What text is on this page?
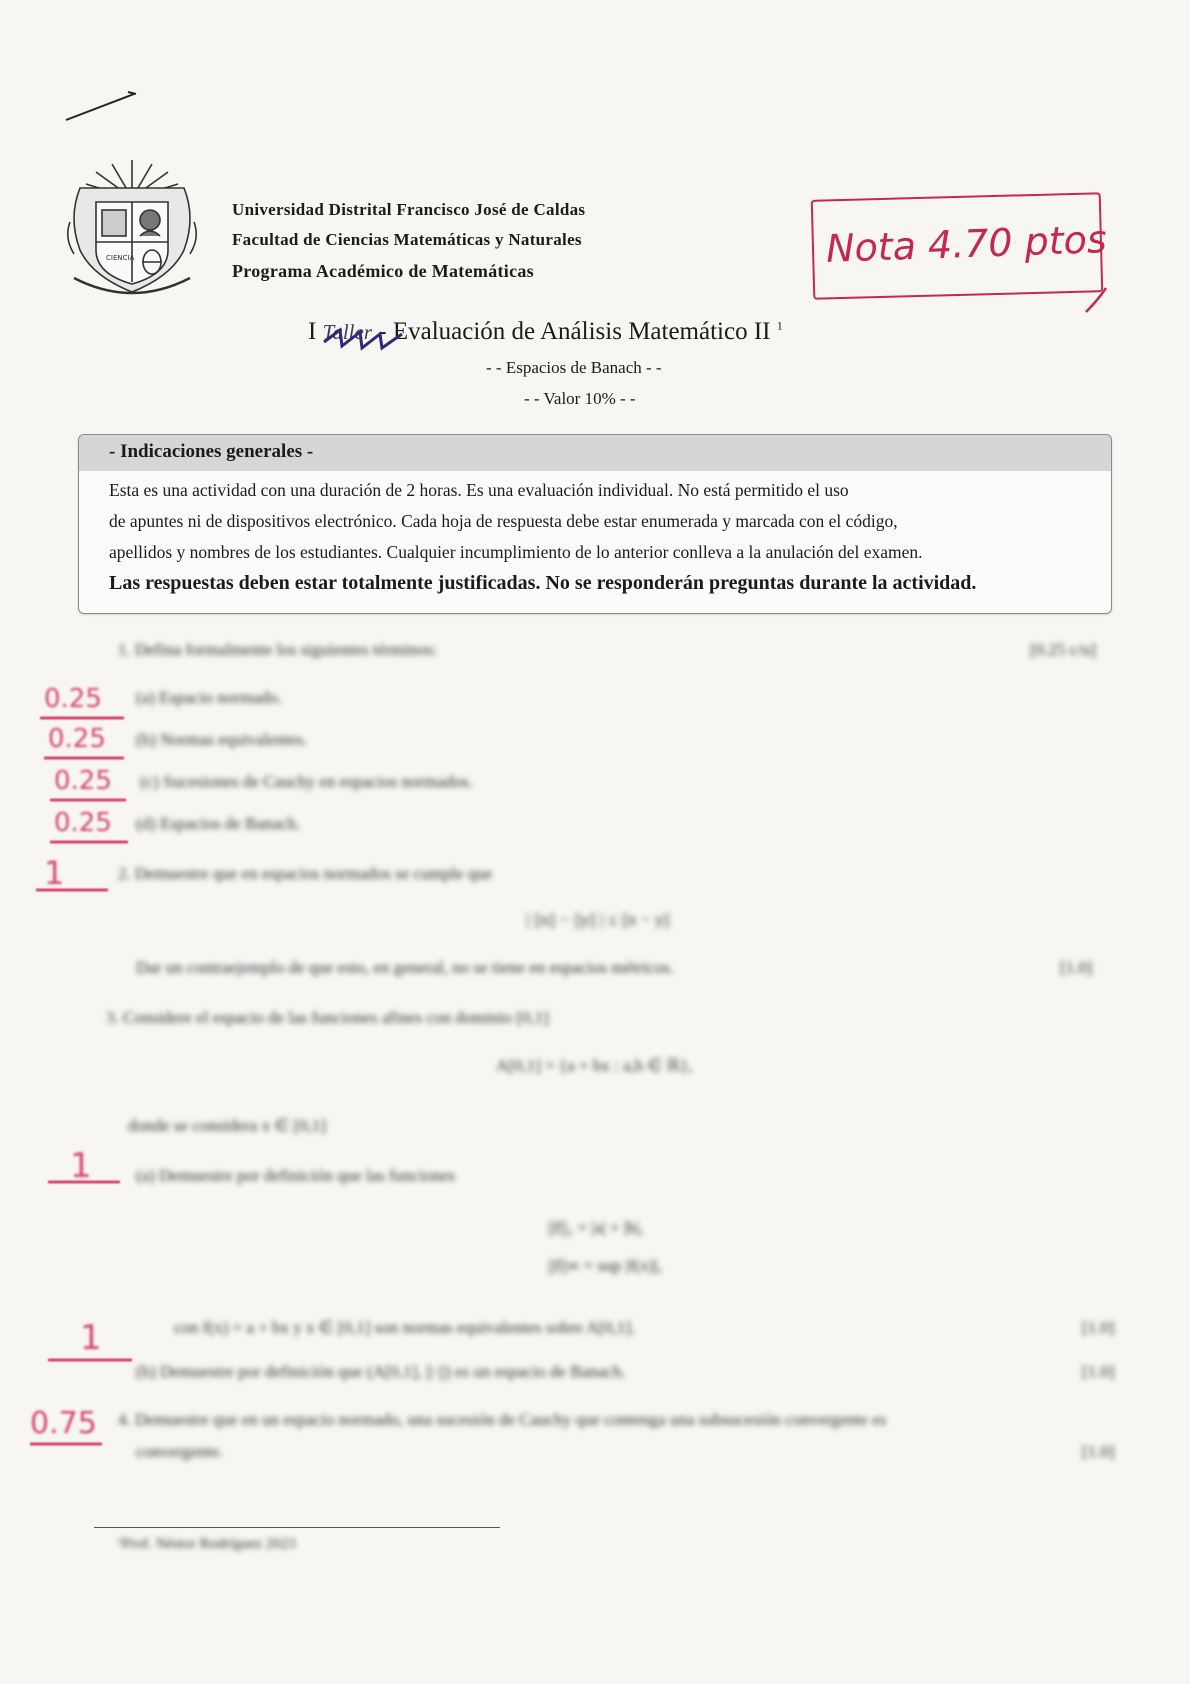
CIENCIA
Universidad Distrital Francisco José de Caldas
Facultad de Ciencias Matemáticas y Naturales
Programa Académico de Matemáticas
Nota 4.70 ptos
I Taller - Evaluación de Análisis Matemático II $^1$
- - Espacios de Banach - -
- - Valor 10% - -
- Indicaciones generales -
Esta es una actividad con una duración de 2 horas. Es una evaluación individual. No está permitido el uso
de apuntes ni de dispositivos electrónico. Cada hoja de respuesta debe estar enumerada y marcada con el código,
apellidos y nombres de los estudiantes. Cualquier incumplimiento de lo anterior conlleva a la anulación del examen.
Las respuestas deben estar totalmente justificadas. No se responderán preguntas durante la actividad.
1. Defina formalmente los siguientes términos:	[0.25 c/u]
(a) Espacio normado.
(b) Normas equivalentes.
(c) Sucesiones de Cauchy en espacios normados.
(d) Espacios de Banach.
2. Demuestre que en espacios normados se cumple que
| ||x|| − ||y|| | ≤ ||x − y||
Dar un contraejemplo de que esto, en general, no se tiene en espacios métricos.	[1.0]
3. Considere el espacio de las funciones afines con dominio [0,1]
A[0,1] = {a + bx : a,b ∈ ℝ},
donde se considera x ∈ [0,1]
(a) Demuestre por definición que las funciones
||f||₁ = |a| + |b|,
||f||∞ = sup |f(x)|,
con f(x) = a + bx y x ∈ [0,1] son normas equivalentes sobre A[0,1].	[1.0]
(b) Demuestre por definición que (A[0,1], ||·||) es un espacio de Banach.	[1.0]
4. Demuestre que en un espacio normado, una sucesión de Cauchy que contenga una subsucesión convergente es
convergente.	[1.0]
¹Prof. Néstor Rodríguez 2023
0.25
0.25
0.25
0.25
1
1
1
0.75
